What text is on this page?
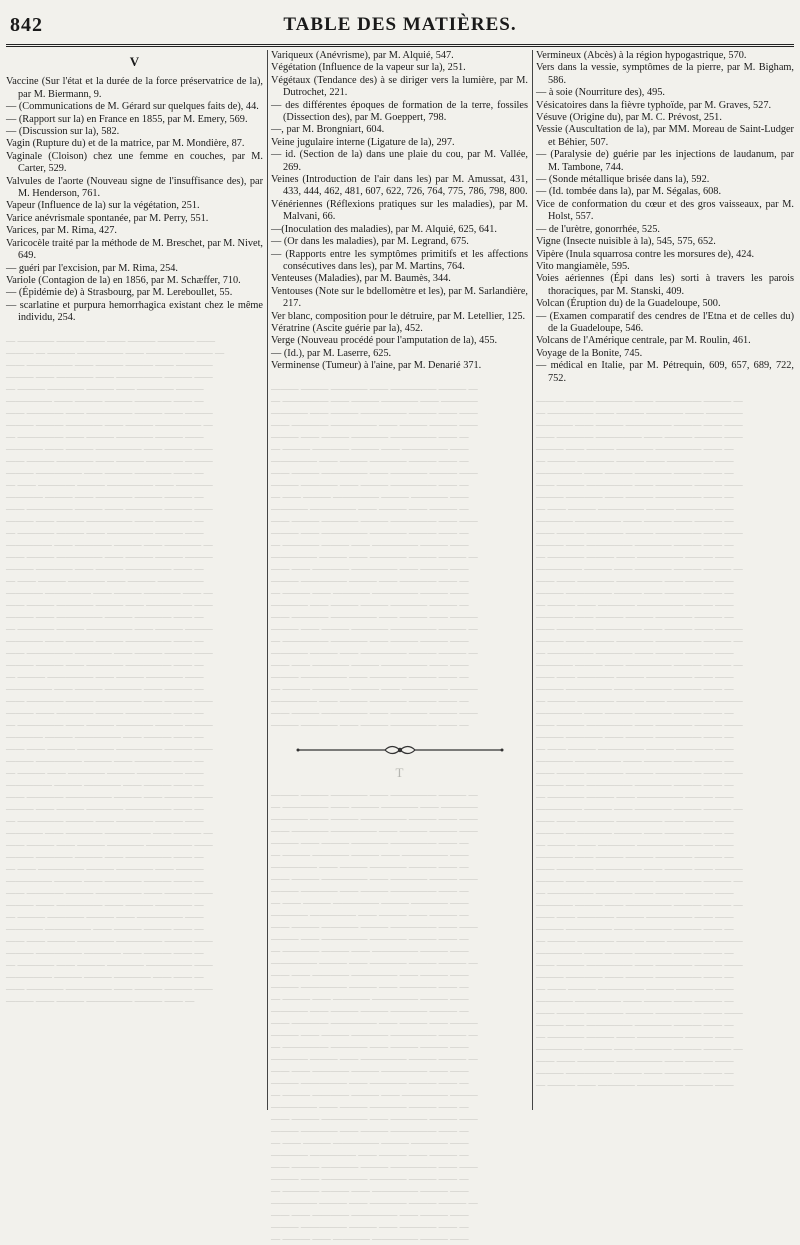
842	TABLE DES MATIÈRES.
V

Vaccine (Sur l'état et la durée de la force préservatrice de la), par M. Biermann, 9.

— (Communications de M. Gérard sur quelques faits de), 44.

— (Rapport sur la) en France en 1855, par M. Emery, 569.

— (Discussion sur la), 582.

Vagin (Rupture du) et de la matrice, par M. Mondière, 87.

Vaginale (Cloison) chez une femme en couches, par M. Carter, 529.

Valvules de l'aorte (Nouveau signe de l'insuffisance des), par M. Henderson, 761.

Vapeur (Influence de la) sur la végétation, 251.

Varice anévrismale spontanée, par M. Perry, 551.

Varices, par M. Rima, 427.

Varicocèle traité par la méthode de M. Breschet, par M. Nivet, 649.

— guéri par l'excision, par M. Rima, 254.

Variole (Contagion de la) en 1856, par M. Schæffer, 710.

— (Épidémie de) à Strasbourg, par M. Lereboullet, 55.

— scarlatine et purpura hemorrhagica existant chez le même individu, 254.

— ———— ——— —— —— ——— ———— ——
——— — ——— ————— —— ———— ——— —
—— ————— —— ——— ——— —— ————
——— —— ———— —— ————— ——— ——
— ——— ———— ——— —— ———— ———
————— —— ——— ——— ———— —— —
—— ———— —— ————— ——— —— ———
——— ——— ———— —— ——— ————— —
— ————— —— ——— ———— ——— ——
———— —— ——— ————— —— ——— ——
—— ——— ———— —— ——— ———— ———
——— ————— —— ——— ———— —— —
— —— ———— ——— ————— —— ————
———— ——— —— ———— ——— ——— —
—— ————— ——— —— ———— ——— ——
——— —— ——— ————— —— ———— —
— ———— ——— —— ————— ——— ——
————— —— ———— ——— —— ———— —
—— ——— ————— —— ——— ——— ———
——— ———— —— ——— ————— —— —
— —— ——— ———— —— ——— —————
———— ————— —— ——— ———— —— —
—— ——— ———— ——— —— ————— ——
——— —— ————— ——— ———— —— —
— ———— ——— ————— —— ——— ———
———— —— ——— ——— ————— —— —
—— ————— ———— —— ——— ——— ——
——— ——— —— ———— ————— —— —
— ——— ————— —— ——— ———— ——
————— —— ——— ———— —— ——— —
—— ———— ——— ————— —— ——— ——
——— —— ———— ——— ————— —— —
— ————— —— ——— ———— ——— ———
———— ——— ————— —— ——— —— —
—— —— ——— ———— ————— ——— ——
——— ————— ——— —— ———— —— —
— ——— —— ———— ——— ————— ——
————— ——— ———— —— ——— —— —
—— ———— ————— ——— —— ——— ——
——— —— ——— ———— ————— —— —
— ————— ——— —— ———— ——— ——
———— —— ———— ————— —— ——— —
—— ——— —— ——— ———— ————— ——
——— ———— ——— —— ————— —— —
— —— ————— ——— ———— —— ———
————— ——— —— ———— ——— —— —
—— ———— ——— ————— —— ——— ——
——— —— ————— —— ——— ———— —
— ——— ———— ——— —— ————— ——
———— ————— —— ——— ——— —— —
—— —— ——— ———— ————— ——— ——
——— ————— ———— —— ——— —— —
— ———— —— ——— ———— ————— ——
————— ——— ——— ———— —— —— —
—— ———— ————— —— ——— ——— ——
——— —— ——— ————— ——— —— —

Variqueux (Anévrisme), par M. Alquié, 547.

Végétation (Influence de la vapeur sur la), 251.

Végétaux (Tendance des) à se diriger vers la lumière, par M. Dutrochet, 221.

— des différentes époques de formation de la terre, fossiles (Dissection des), par M. Goeppert, 798.

—, par M. Brongniart, 604.

Veine jugulaire interne (Ligature de la), 297.

— id. (Section de la) dans une plaie du cou, par M. Vallée, 269.

Veines (Introduction de l'air dans les) par M. Amussat, 431, 433, 444, 462, 481, 607, 622, 726, 764, 775, 786, 798, 800.

Vénériennes (Réflexions pratiques sur les maladies), par M. Malvani, 66.

—(Inoculation des maladies), par M. Alquié, 625, 641.

— (Or dans les maladies), par M. Legrand, 675.

— (Rapports entre les symptômes primitifs et les affections consécutives dans les), par M. Martins, 764.

Venteuses (Maladies), par M. Baumès, 344.

Ventouses (Note sur le bdellomètre et les), par M. Sarlandière, 217.

Ver blanc, composition pour le détruire, par M. Letellier, 125.

Vératrine (Ascite guérie par la), 452.

Verge (Nouveau procédé pour l'amputation de la), 455.

— (Id.), par M. Laserre, 625.

Verminense (Tumeur) à l'aine, par M. Denarié 371.

——— ——— ———— —— ————— ——— —
— ————— —— ——— ———— —— ————
———— —— ——— ————— ——— —— ——
—— ———— ————— —— ——— ——— ——
——— —— ——— ———— ————— —— —
— ——— ———— ——— —— ————— ——
————— —— ——— ———— ——— —— —
—— ——— ————— —— ———— ——— ——
——— ———— —— ——— ————— —— —
— —— ——— ————— ——— ———— ——
———— ————— —— ——— —— ——— —
—— ——— ———— ——— ————— —— ——
——— —— ————— ———— ——— —— —
— ———— ——— —— ————— ——— ——
————— ——— —— ———— ——— ——— —
—— —— ———— ————— —— ——— ——
——— ————— ——— —— ———— —— —
— ——— —— ———— ————— ——— ——
———— —— ——— ——— ———— ——— —
—— ———— ————— —— ——— —— ———
——— —— ——— ———— ————— ——— —
— ————— ———— —— ——— ——— ——
———— ——— —— ————— ——— ——— —
—— —— ———— ——— ————— —— ——
——— ————— —— ———— ——— —— —
— ——— ———— ——— —— ————— ———
————— —— ——— ———— ——— —— —
—— ——— ————— —— ———— ——— ——
——— ———— —— ——— ————— —— —
T
——— ——— ———— —— ————— ——— —
— ————— —— ——— ———— —— ————
———— —— ——— ————— ——— —— ——
—— ———— ————— —— ——— ——— ——
——— —— ——— ———— ————— —— —
— ——— ———— ——— —— ————— ——
————— —— ——— ———— ——— —— —
—— ——— ————— —— ———— ——— ——
——— ———— —— ——— ————— —— —
— —— ——— ————— ——— ———— ——
———— ————— —— ——— —— ——— —
—— ——— ———— ——— ————— —— ——
——— —— ————— ———— ——— —— —
— ———— ——— —— ————— ——— ——
————— ——— —— ———— ——— ——— —
—— —— ———— ————— —— ——— ——
——— ————— ——— —— ———— —— —
— ——— —— ———— ————— ——— ——
———— —— ——— ——— ———— ——— —
—— ———— ————— —— ——— —— ———
——— —— ——— ———— ————— ——— —
— ————— ———— —— ——— ——— ——
———— ——— —— ————— ——— ——— —
—— —— ———— ——— ————— —— ——
——— ————— —— ———— ——— —— —
— ——— ———— ——— —— ————— ———
————— —— ——— ———— ——— —— —
—— ——— ————— —— ———— ——— ——
——— ———— —— ——— ————— —— —
— —— ——— ————— ——— ———— ——
———— ————— —— ——— —— ——— —
—— ——— ———— ——— ————— —— ——
——— —— ————— ———— ——— —— —
— ———— ——— —— ————— ——— ——
————— ——— —— ———— ——— ——— —
—— —— ———— ————— —— ——— ——
——— ————— ——— —— ———— —— —
— ——— —— ———— ————— ——— ——

Vermineux (Abcès) à la région hypogastrique, 570.

Vers dans la vessie, symptômes de la pierre, par M. Bigham, 586.

— à soie (Nourriture des), 495.

Vésicatoires dans la fièvre typhoïde, par M. Graves, 527.

Vésuve (Origine du), par M. C. Prévost, 251.

Vessie (Auscultation de la), par MM. Moreau de Saint-Ludger et Béhier, 507.

— (Paralysie de) guérie par les injections de laudanum, par M. Tambone, 744.

— (Sonde métallique brisée dans la), 592.

— (Id. tombée dans la), par M. Ségalas, 608.

Vice de conformation du cœur et des gros vaisseaux, par M. Holst, 557.

— de l'urètre, gonorrhée, 525.

Vigne (Insecte nuisible à la), 545, 575, 652.

Vipère (Inula squarrosa contre les morsures de), 424.

Vito mangiamèle, 595.

Voies aériennes (Épi dans les) sorti à travers les parois thoraciques, par M. Stanski, 409.

Volcan (Éruption du) de la Guadeloupe, 500.

— (Examen comparatif des cendres de l'Etna et de celles du) de la Guadeloupe, 546.

Volcans de l'Amérique centrale, par M. Roulin, 461.

Voyage de la Bonite, 745.

— médical en Italie, par M. Pétrequin, 609, 657, 689, 722, 752.

——— ——— ———— —— ————— ——— —
— ————— —— ——— ———— —— ————
———— —— ——— ————— ——— —— ——
—— ———— ————— —— ——— ——— ——
——— —— ——— ———— ————— —— —
— ——— ———— ——— —— ————— ——
————— —— ——— ———— ——— —— —
—— ——— ————— —— ———— ——— ——
——— ———— —— ——— ————— —— —
— —— ——— ————— ——— ———— ——
———— ————— —— ——— —— ——— —
—— ——— ———— ——— ————— —— ——
——— —— ————— ———— ——— —— —
— ———— ——— —— ————— ——— ——
————— ——— —— ———— ——— ——— —
—— —— ———— ————— —— ——— ——
——— ————— ——— —— ———— —— —
— ——— —— ———— ————— ——— ——
———— —— ——— ——— ———— ——— —
—— ———— ————— —— ——— —— ———
——— —— ——— ———— ————— ——— —
— ————— ———— —— ——— ——— ——
———— ——— —— ————— ——— ——— —
—— —— ———— ——— ————— —— ——
——— ————— —— ———— ——— —— —
— ——— ———— ——— —— ————— ———
————— —— ——— ———— ——— —— —
—— ——— ————— —— ———— ——— ——
——— ———— —— ——— ————— —— —
— —— ——— ————— ——— ———— ——
———— ————— —— ——— —— ——— —
—— ——— ———— ——— ————— —— ——
——— —— ————— ———— ——— —— —
— ———— ——— —— ————— ——— ——
————— ——— —— ———— ——— ——— —
—— —— ———— ————— —— ——— ——
——— ————— ——— —— ———— —— —
— ——— —— ———— ————— ——— ——
———— —— ——— ——— ———— ——— —
—— ———— ————— —— ——— —— ———
——— —— ——— ———— ————— ——— —
— ————— ———— —— ——— ——— ——
———— ——— —— ————— ——— ——— —
—— —— ———— ——— ————— —— ——
——— ————— —— ———— ——— —— —
— ——— ———— ——— —— ————— ———
————— —— ——— ———— ——— —— —
—— ——— ————— —— ———— ——— ——
——— ———— —— ——— ————— —— —
— —— ——— ————— ——— ———— ——
———— ————— —— ——— —— ——— —
—— ——— ———— ——— ————— —— ——
——— —— ————— ———— ——— —— —
— ———— ——— —— ————— ——— ——
————— ——— —— ———— ——— ——— —
—— —— ———— ————— —— ——— ——
——— ————— ——— —— ———— —— —
— ——— —— ———— ————— ——— ——
